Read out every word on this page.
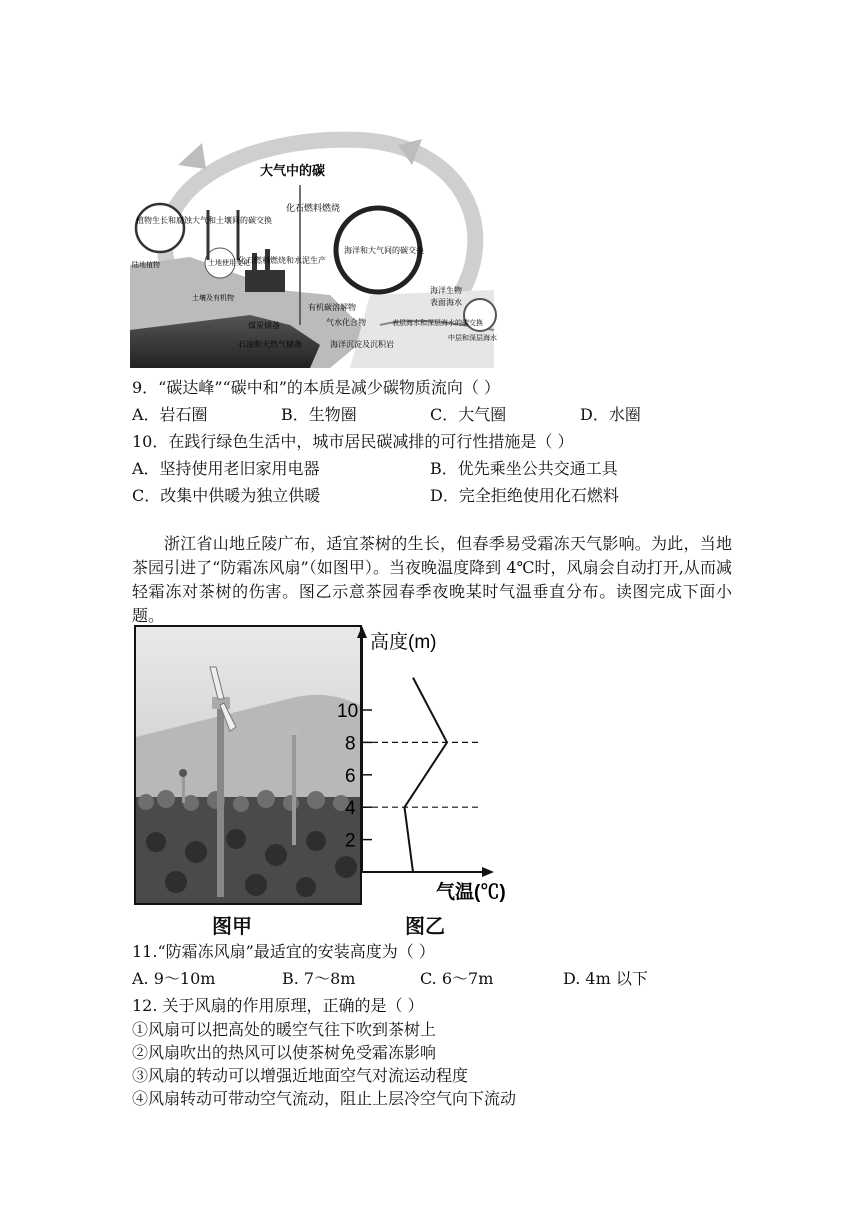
大气中的碳
化石燃料燃烧
植物生长和腐蚀 大气和土壤间的碳交换
土地使用变化
陆地植物	化石燃料燃烧和水泥生产
海洋和大气间的碳交换
土壤及有机物
有机碳溶解物
海洋生物
表面海水
煤炭储备	气水化合物	表层海水和深层海水的碳交换
中层和深层海水
石油和天然气储备	海洋沉淀及沉积岩
9．“碳达峰”“碳中和”的本质是减少碳物质流向（ ）
A．岩石圈	B．生物圈	C．大气圈	D．水圈
10．在践行绿色生活中，城市居民碳减排的可行性措施是（ ）
A．坚持使用老旧家用电器	B．优先乘坐公共交通工具
C．改集中供暖为独立供暖	D．完全拒绝使用化石燃料
浙江省山地丘陵广布，适宜茶树的生长，但春季易受霜冻天气影响。为此，当地茶园引进了“防霜冻风扇”（如图甲）。当夜晚温度降到 4℃时，风扇会自动打开,从而减轻霜冻对茶树的伤害。图乙示意茶园春季夜晚某时气温垂直分布。读图完成下面小题。
图甲
高度(m)
气温(℃)
2
4
6
8
10
图乙
11.“防霜冻风扇”最适宜的安装高度为（ ）
A. 9～10m	B. 7～8m	C. 6～7m	D. 4m 以下
12. 关于风扇的作用原理，正确的是（ ）
①风扇可以把高处的暖空气往下吹到茶树上
②风扇吹出的热风可以使茶树免受霜冻影响
③风扇的转动可以增强近地面空气对流运动程度
④风扇转动可带动空气流动，阻止上层冷空气向下流动
